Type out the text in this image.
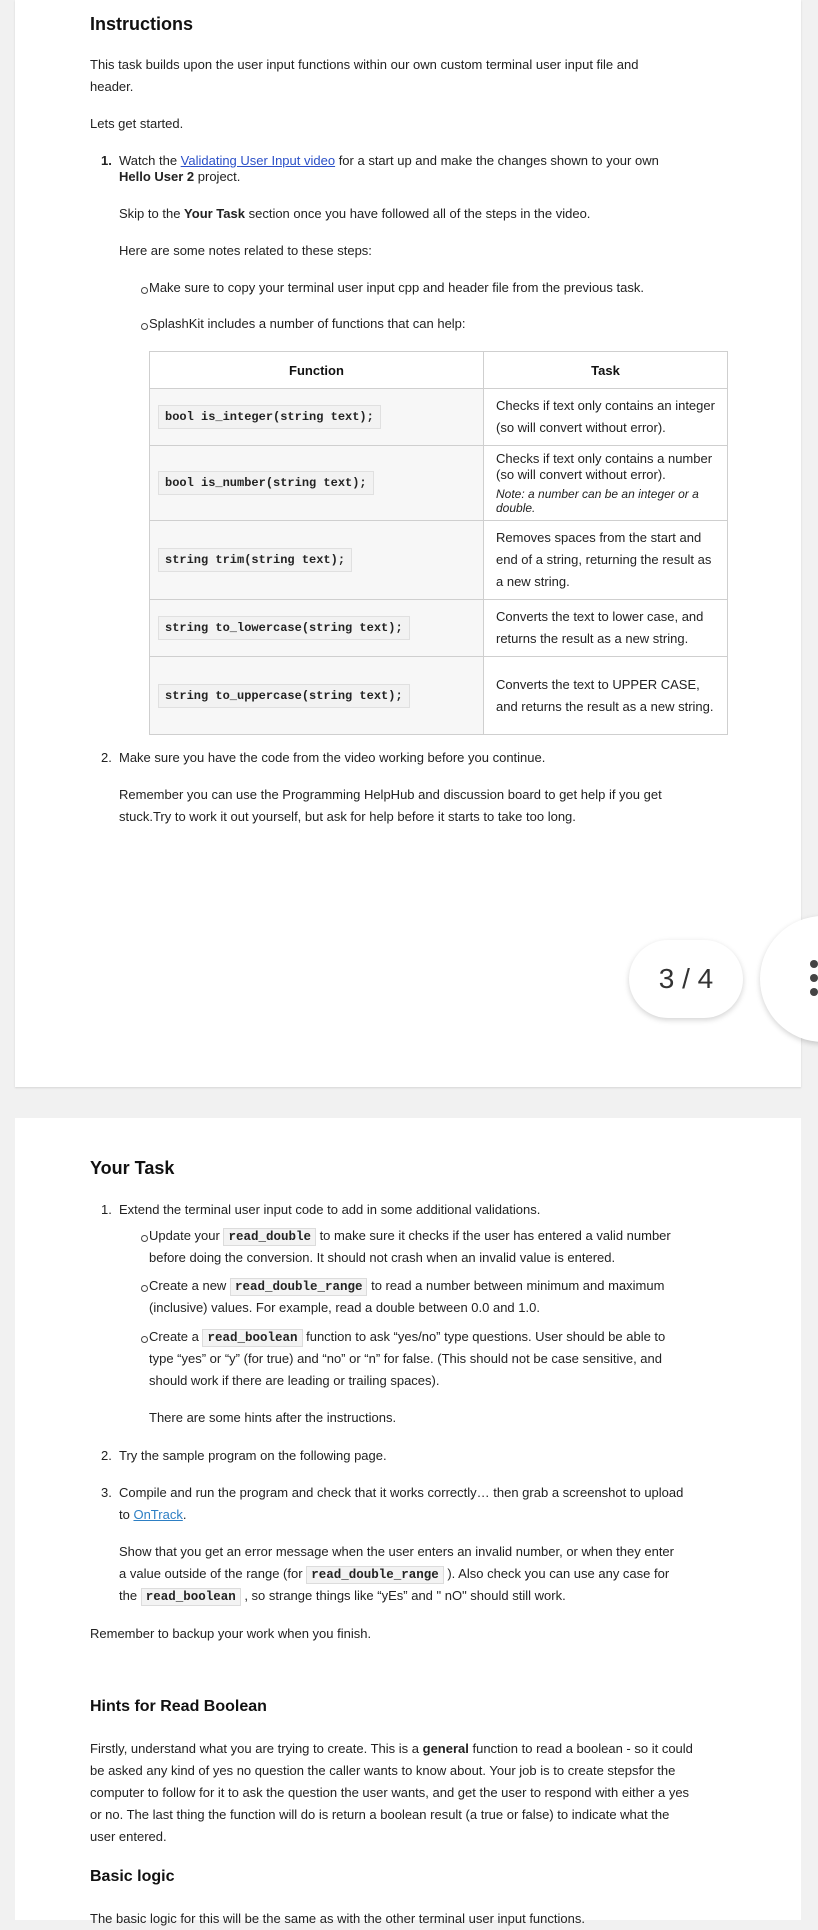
Instructions
This task builds upon the user input functions within our own custom terminal user input file and
header.
Lets get started.
1. Watch the Validating User Input video for a start up and make the changes shown to your own
Hello User 2 project.
Skip to the Your Task section once you have followed all of the steps in the video.
Here are some notes related to these steps:
Make sure to copy your terminal user input cpp and header file from the previous task.
SplashKit includes a number of functions that can help:
Function	Task
bool is_integer(string text);	Checks if text only contains an integer (so will convert without error).
bool is_number(string text);	Checks if text only contains a number (so will convert without error).
Note: a number can be an integer or a double.

string trim(string text);	Removes spaces from the start and end of a string, returning the result as a new string.
string to_lowercase(string text);	Converts the text to lower case, and returns the result as a new string.
string to_uppercase(string text);	Converts the text to UPPER CASE, and returns the result as a new string.
2. Make sure you have the code from the video working before you continue.
Remember you can use the Programming HelpHub and discussion board to get help if you get
stuck.Try to work it out yourself, but ask for help before it starts to take too long.
3 / 4
Your Task
1. Extend the terminal user input code to add in some additional validations.
Update your read_double to make sure it checks if the user has entered a valid number
before doing the conversion. It should not crash when an invalid value is entered.
Create a new read_double_range to read a number between minimum and maximum
(inclusive) values. For example, read a double between 0.0 and 1.0.
Create a read_boolean function to ask “yes/no” type questions. User should be able to
type “yes” or “y” (for true) and “no” or “n” for false. (This should not be case sensitive, and
should work if there are leading or trailing spaces).
There are some hints after the instructions.
2. Try the sample program on the following page.
3. Compile and run the program and check that it works correctly… then grab a screenshot to upload
to OnTrack.
Show that you get an error message when the user enters an invalid number, or when they enter
a value outside of the range (for read_double_range ). Also check you can use any case for
the read_boolean , so strange things like “yEs” and " nO" should still work.
Remember to backup your work when you finish.
Hints for Read Boolean
Firstly, understand what you are trying to create. This is a general function to read a boolean - so it could
be asked any kind of yes no question the caller wants to know about. Your job is to create stepsfor the
computer to follow for it to ask the question the user wants, and get the user to respond with either a yes
or no. The last thing the function will do is return a boolean result (a true or false) to indicate what the
user entered.
Basic logic
The basic logic for this will be the same as with the other terminal user input functions.
